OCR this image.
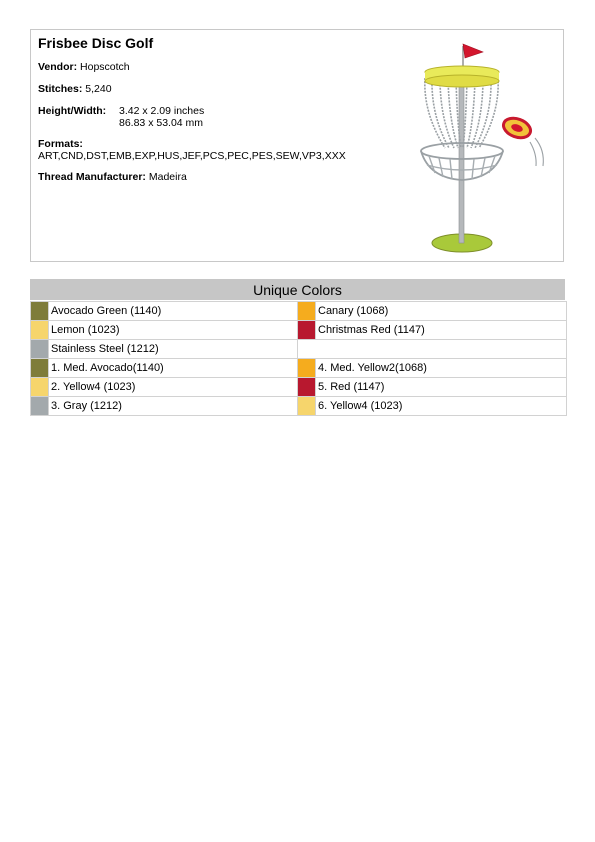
Frisbee Disc Golf
Vendor: Hopscotch
Stitches: 5,240
Height/Width: 3.42 x 2.09 inches
86.83 x 53.04 mm
Formats:
ART,CND,DST,EMB,EXP,HUS,JEF,PCS,PEC,PES,SEW,VP3,XXX
Thread Manufacturer: Madeira
Unique Colors
	Avocado Green (1140)		Canary (1068)
	Lemon (1023)		Christmas Red (1147)
	Stainless Steel (1212)		
	1. Med. Avocado(1140)		4. Med. Yellow2(1068)
	2. Yellow4 (1023)		5. Red (1147)
	3. Gray (1212)		6. Yellow4 (1023)
